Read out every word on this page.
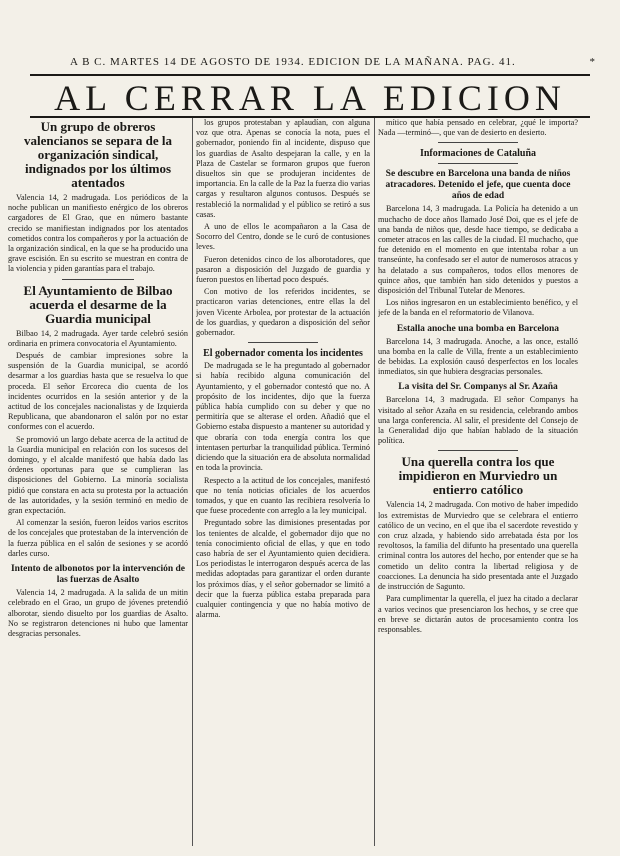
A B C. MARTES 14 DE AGOSTO DE 1934. EDICION DE LA MAÑANA. PAG. 41.	*
AL CERRAR LA EDICION
Un grupo de obreros valencianos se separa de la organización sindical, indignados por los últimos atentados

Valencia 14, 2 madrugada. Los periódicos de la noche publican un manifiesto enérgico de los obreros cargadores de El Grao, que en número bastante crecido se manifiestan indignados por los atentados cometidos contra los compañeros y por la actuación de la organización sindical, en la que se ha producido una grave escisión. En su escrito se muestran en contra de la violencia y piden garantías para el trabajo.

El Ayuntamiento de Bilbao acuerda el desarme de la Guardia municipal

Bilbao 14, 2 madrugada. Ayer tarde celebró sesión ordinaria en primera convocatoria el Ayuntamiento.

Después de cambiar impresiones sobre la suspensión de la Guardia municipal, se acordó desarmar a los guardias hasta que se resuelva lo que proceda. El señor Ercoreca dio cuenta de los incidentes ocurridos en la sesión anterior y de la actitud de los concejales nacionalistas y de Izquierda Republicana, que abandonaron el salón por no estar conformes con el acuerdo.

Se promovió un largo debate acerca de la actitud de la Guardia municipal en relación con los sucesos del domingo, y el alcalde manifestó que había dado las órdenes oportunas para que se cumplieran las disposiciones del Gobierno. La minoría socialista pidió que constara en acta su protesta por la actuación de las autoridades, y la sesión terminó en medio de gran expectación.

Al comenzar la sesión, fueron leídos varios escritos de los concejales que protestaban de la intervención de la fuerza pública en el salón de sesiones y se acordó darles curso.

Intento de albonotos por la intervención de las fuerzas de Asalto

Valencia 14, 2 madrugada. A la salida de un mitin celebrado en el Grao, un grupo de jóvenes pretendió alborotar, siendo disuelto por los guardias de Asalto. No se registraron detenciones ni hubo que lamentar desgracias personales.

los grupos protestaban y aplaudían, con alguna voz que otra. Apenas se conocía la nota, pues el gobernador, poniendo fin al incidente, dispuso que los guardias de Asalto despejaran la calle, y en la Plaza de Castelar se formaron grupos que fueron disueltos sin que se produjeran incidentes de importancia. En la calle de la Paz la fuerza dio varias cargas y resultaron algunos contusos. Después se restableció la normalidad y el público se retiró a sus casas.

A uno de ellos le acompañaron a la Casa de Socorro del Centro, donde se le curó de contusiones leves.

Fueron detenidos cinco de los alborotadores, que pasaron a disposición del Juzgado de guardia y fueron puestos en libertad poco después.

Con motivo de los referidos incidentes, se practicaron varias detenciones, entre ellas la del joven Vicente Arbolea, por protestar de la actuación de los guardias, y quedaron a disposición del señor gobernador.

El gobernador comenta los incidentes

De madrugada se le ha preguntado al gobernador si había recibido alguna comunicación del Ayuntamiento, y el gobernador contestó que no. A propósito de los incidentes, dijo que la fuerza pública había cumplido con su deber y que no permitiría que se alterase el orden. Añadió que el Gobierno estaba dispuesto a mantener su autoridad y que obraría con toda energía contra los que intentasen perturbar la tranquilidad pública. Terminó diciendo que la situación era de absoluta normalidad en toda la provincia.

Respecto a la actitud de los concejales, manifestó que no tenía noticias oficiales de los acuerdos tomados, y que en cuanto las recibiera resolvería lo que fuese procedente con arreglo a la ley municipal.

Preguntado sobre las dimisiones presentadas por los tenientes de alcalde, el gobernador dijo que no tenía conocimiento oficial de ellas, y que en todo caso habría de ser el Ayuntamiento quien decidiera. Los periodistas le interrogaron después acerca de las medidas adoptadas para garantizar el orden durante los próximos días, y el señor gobernador se limitó a decir que la fuerza pública estaba preparada para cualquier contingencia y que no había motivo de alarma.

mítico que había pensado en celebrar, ¿qué le importa? Nada —terminó—, que van de desierto en desierto.

Informaciones de Cataluña
Se descubre en Barcelona una banda de niños atracadores. Detenido el jefe, que cuenta doce años de edad

Barcelona 14, 3 madrugada. La Policía ha detenido a un muchacho de doce años llamado José Doi, que es el jefe de una banda de niños que, desde hace tiempo, se dedicaba a cometer atracos en las calles de la ciudad. El muchacho, que fue detenido en el momento en que intentaba robar a un transeúnte, ha confesado ser el autor de numerosos atracos y ha delatado a sus compañeros, todos ellos menores de quince años, que también han sido detenidos y puestos a disposición del Tribunal Tutelar de Menores.

Los niños ingresaron en un establecimiento benéfico, y el jefe de la banda en el reformatorio de Vilanova.

Estalla anoche una bomba en Barcelona

Barcelona 14, 3 madrugada. Anoche, a las once, estalló una bomba en la calle de Villa, frente a un establecimiento de bebidas. La explosión causó desperfectos en los locales inmediatos, sin que hubiera desgracias personales.

La visita del Sr. Companys al Sr. Azaña

Barcelona 14, 3 madrugada. El señor Companys ha visitado al señor Azaña en su residencia, celebrando ambos una larga conferencia. Al salir, el presidente del Consejo de la Generalidad dijo que habían hablado de la situación política.

Una querella contra los que impidieron en Murviedro un entierro católico

Valencia 14, 2 madrugada. Con motivo de haber impedido los extremistas de Murviedro que se celebrara el entierro católico de un vecino, en el que iba el sacerdote revestido y con cruz alzada, y habiendo sido arrebatada ésta por los revoltosos, la familia del difunto ha presentado una querella criminal contra los autores del hecho, por entender que se ha cometido un delito contra la libertad religiosa y de coacciones. La denuncia ha sido presentada ante el Juzgado de instrucción de Sagunto.

Para cumplimentar la querella, el juez ha citado a declarar a varios vecinos que presenciaron los hechos, y se cree que en breve se dictarán autos de procesamiento contra los responsables.
